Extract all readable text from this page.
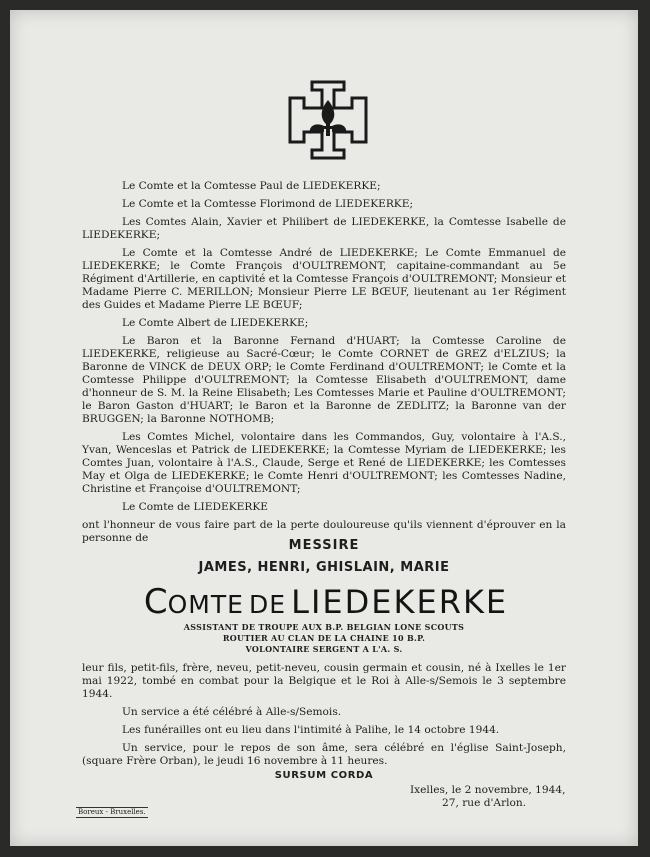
Le Comte et la Comtesse Paul de LIEDEKERKE;

Le Comte et la Comtesse Florimond de LIEDEKERKE;

Les Comtes Alain, Xavier et Philibert de LIEDEKERKE, la Comtesse Isabelle de LIEDEKERKE;

Le Comte et la Comtesse André de LIEDEKERKE; Le Comte Emmanuel de LIEDEKERKE; le Comte François d'OULTREMONT, capitaine-commandant au 5e Régiment d'Artillerie, en captivité et la Comtesse François d'OULTREMONT; Monsieur et Madame Pierre C. MERILLON; Monsieur Pierre LE BŒUF, lieutenant au 1er Régiment des Guides et Madame Pierre LE BŒUF;

Le Comte Albert de LIEDEKERKE;

Le Baron et la Baronne Fernand d'HUART; la Comtesse Caroline de LIEDEKERKE, religieuse au Sacré-Cœur; le Comte CORNET de GREZ d'ELZIUS; la Baronne de VINCK de DEUX ORP; le Comte Ferdinand d'OULTREMONT; le Comte et la Comtesse Philippe d'OULTREMONT; la Comtesse Elisabeth d'OULTREMONT, dame d'honneur de S. M. la Reine Elisabeth; Les Comtesses Marie et Pauline d'OULTREMONT; le Baron Gaston d'HUART; le Baron et la Baronne de ZEDLITZ; la Baronne van der BRUGGEN; la Baronne NOTHOMB;

Les Comtes Michel, volontaire dans les Commandos, Guy, volontaire à l'A.S., Yvan, Wenceslas et Patrick de LIEDEKERKE; la Comtesse Myriam de LIEDEKERKE; les Comtes Juan, volontaire à l'A.S., Claude, Serge et René de LIEDEKERKE; les Comtesses May et Olga de LIEDEKERKE; le Comte Henri d'OULTREMONT; les Comtesses Nadine, Christine et Françoise d'OULTREMONT;

Le Comte de LIEDEKERKE

ont l'honneur de vous faire part de la perte douloureuse qu'ils viennent d'éprouver en la personne de	MESSIRE
JAMES, HENRI, GHISLAIN, MARIE
COMTE DE LIEDEKERKE
ASSISTANT DE TROUPE AUX B.P. BELGIAN LONE SCOUTS
ROUTIER AU CLAN DE LA CHAINE 10 B.P.
VOLONTAIRE SERGENT A L'A. S.

leur fils, petit-fils, frère, neveu, petit-neveu, cousin germain et cousin, né à Ixelles le 1er mai 1922, tombé en combat pour la Belgique et le Roi à Alle-s/Semois le 3 septembre 1944.

Un service a été célébré à Alle-s/Semois.

Les funérailles ont eu lieu dans l'intimité à Palihe, le 14 octobre 1944.

Un service, pour le repos de son âme, sera célébré en l'église Saint-Joseph, (square Frère Orban), le jeudi 16 novembre à 11 heures.

SURSUM CORDA
Ixelles, le 2 novembre, 1944,
27, rue d'Arlon.
Boreux - Bruxelles.
